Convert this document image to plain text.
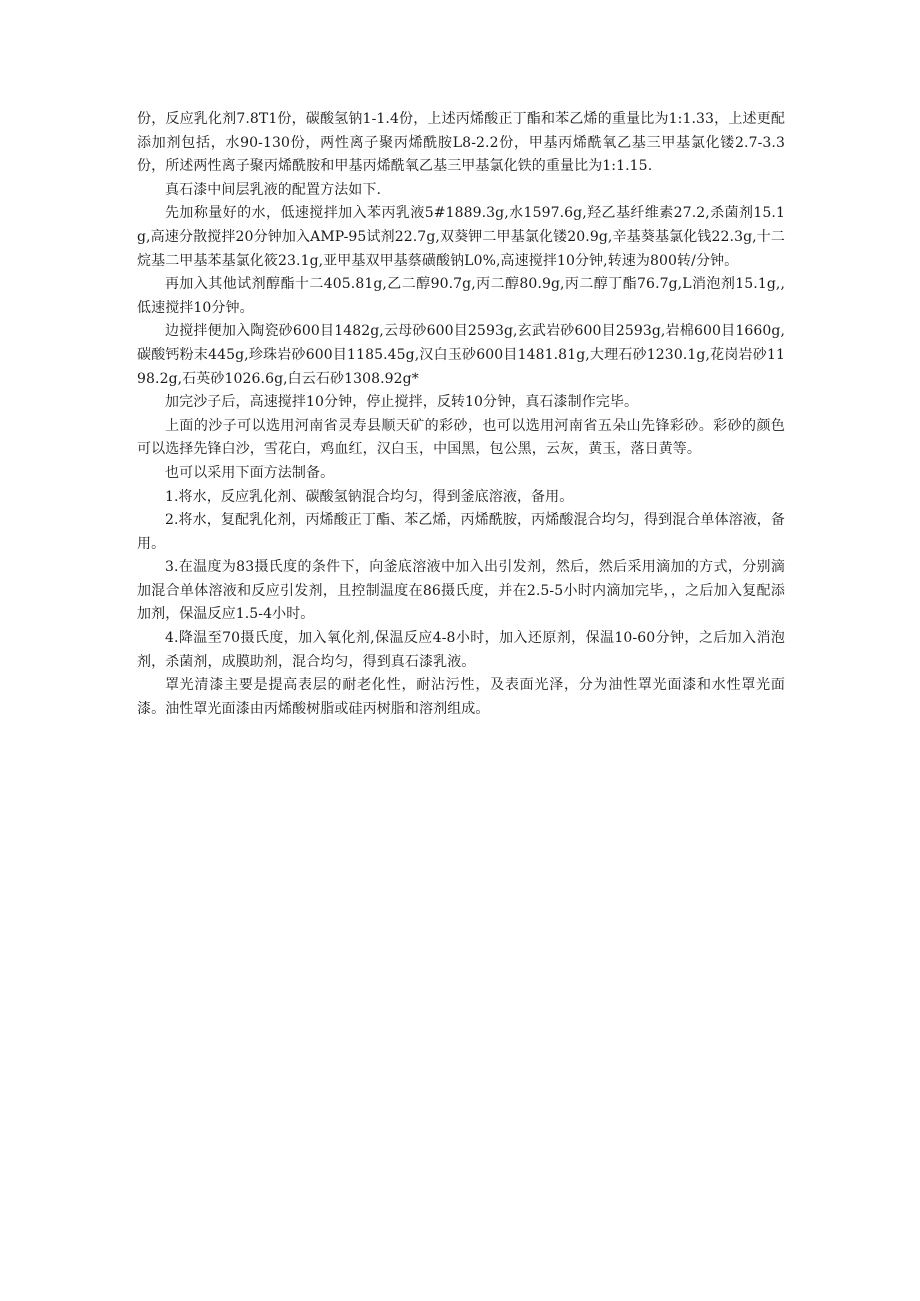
份，反应乳化剂7.8T1份，碳酸氢钠1-1.4份，上述丙烯酸正丁酯和苯乙烯的重量比为1:1.33，上述更配添加剂包括，水90-130份，两性离子聚丙烯酰胺L8-2.2份，甲基丙烯酰氧乙基三甲基氯化镂2.7-3.3份，所述两性离子聚丙烯酰胺和甲基丙烯酰氧乙基三甲基氯化铁的重量比为1:1.15.

真石漆中间层乳液的配置方法如下.

先加称量好的水，低速搅拌加入苯丙乳液5#1889.3g,水1597.6g,羟乙基纤维素27.2,杀菌剂15.1g,高速分散搅拌20分钟加入AMP-95试剂22.7g,双葵钾二甲基氯化镂20.9g,辛基葵基氯化钱22.3g,十二烷基二甲基苯基氯化筱23.1g,亚甲基双甲基蔡磺酸钠L0%,高速搅拌10分钟,转速为800转/分钟。

再加入其他试剂醇酯十二405.81g,乙二醇90.7g,丙二醇80.9g,丙二醇丁酯76.7g,L消泡剂15.1g,,低速搅拌10分钟。

边搅拌便加入陶瓷砂600目1482g,云母砂600目2593g,玄武岩砂600目2593g,岩棉600目1660g,碳酸钙粉末445g,珍珠岩砂600目1185.45g,汉白玉砂600目1481.81g,大理石砂1230.1g,花岗岩砂1198.2g,石英砂1026.6g,白云石砂1308.92g*

加完沙子后，高速搅拌10分钟，停止搅拌，反转10分钟，真石漆制作完毕。

上面的沙子可以选用河南省灵寿县顺天矿的彩砂，也可以选用河南省五朵山先锋彩砂。彩砂的颜色可以选择先锋白沙，雪花白，鸡血红，汉白玉，中国黑，包公黑，云灰，黄玉，落日黄等。

也可以采用下面方法制备。

1.将水，反应乳化剂、碳酸氢钠混合均匀，得到釜底溶液，备用。

2.将水，复配乳化剂，丙烯酸正丁酯、苯乙烯，丙烯酰胺，丙烯酸混合均匀，得到混合单体溶液，备用。

3.在温度为83摄氏度的条件下，向釜底溶液中加入出引发剂，然后，然后采用滴加的方式，分别滴加混合单体溶液和反应引发剂，且控制温度在86摄氏度，并在2.5-5小时内滴加完毕，，之后加入复配添加剂，保温反应1.5-4小时。

4.降温至70摄氏度，加入氧化剂,保温反应4-8小时，加入还原剂，保温10-60分钟，之后加入消泡剂，杀菌剂，成膜助剂，混合均匀，得到真石漆乳液。

罩光清漆主要是提高表层的耐老化性，耐沾污性，及表面光泽，分为油性罩光面漆和水性罩光面漆。油性罩光面漆由丙烯酸树脂或硅丙树脂和溶剂组成。
